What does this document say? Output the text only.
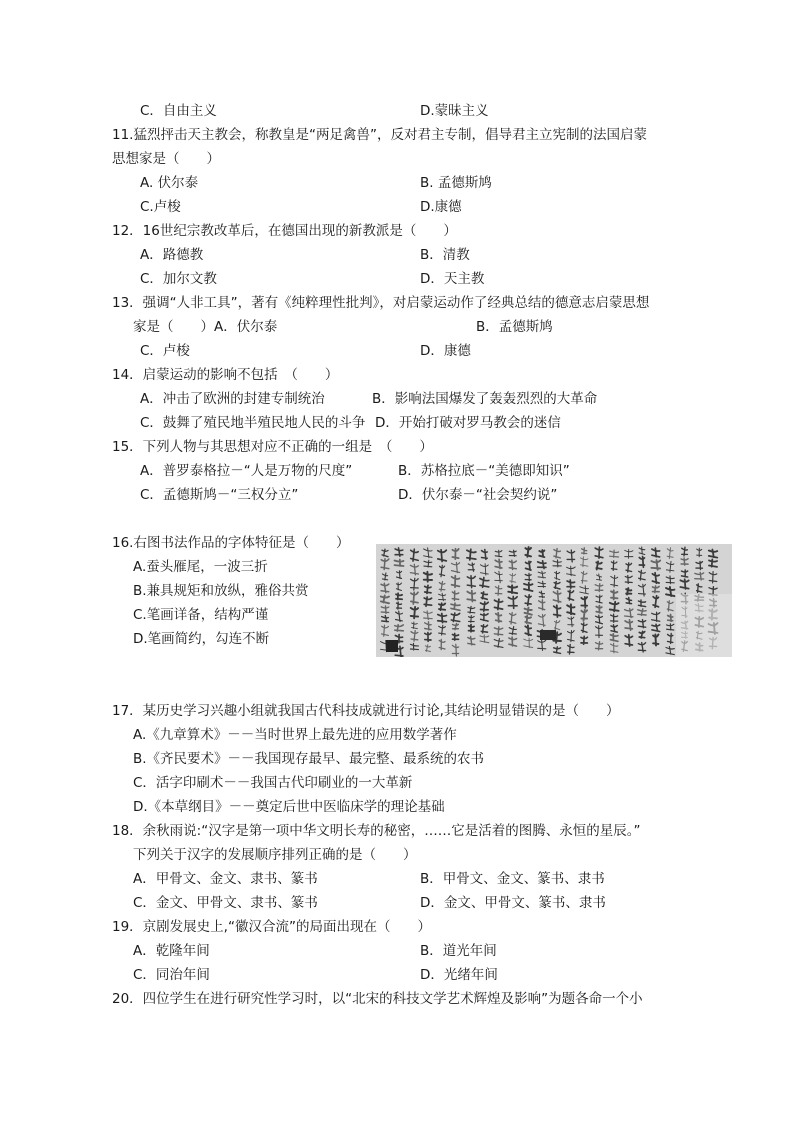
C．自由主义	D.蒙昧主义
11.猛烈抨击天主教会，称教皇是“两足禽兽”，反对君主专制，倡导君主立宪制的法国启蒙
思想家是（　　）
A. 伏尔泰	B. 孟德斯鸠
C.卢梭	D.康德
12．16世纪宗教改革后，在德国出现的新教派是（　　）
A．路德教	B．清教
C．加尔文教	D．天主教
13．强调“人非工具”，著有《纯粹理性批判》，对启蒙运动作了经典总结的德意志启蒙思想
家是（　　）A．伏尔泰	B．孟德斯鸠
C．卢梭	D．康德
14．启蒙运动的影响不包括　（　　）
A．冲击了欧洲的封建专制统治	B．影响法国爆发了轰轰烈烈的大革命
C．鼓舞了殖民地半殖民地人民的斗争 D．开始打破对罗马教会的迷信
15．下列人物与其思想对应不正确的一组是　（　　）
A．普罗泰格拉－“人是万物的尺度”	B．苏格拉底－“美德即知识”
C．孟德斯鸠－“三权分立”	D．伏尔泰－“社会契约说”
16.右图书法作品的字体特征是（　　）
A.蚕头雁尾，一波三折
B.兼具规矩和放纵，雅俗共赏
C.笔画详备，结构严谨
D.笔画简约，勾连不断
17．某历史学习兴趣小组就我国古代科技成就进行讨论,其结论明显错误的是（　　）
A.《九章算术》－－当时世界上最先进的应用数学著作
B.《齐民要术》－－我国现存最早、最完整、最系统的农书
C．活字印刷术－－我国古代印刷业的一大革新
D.《本草纲目》－－奠定后世中医临床学的理论基础
18．余秋雨说:“汉字是第一项中华文明长寿的秘密，……它是活着的图腾、永恒的星辰。”
下列关于汉字的发展顺序排列正确的是（　　）
A．甲骨文、金文、隶书、篆书	B．甲骨文、金文、篆书、隶书
C．金文、甲骨文、隶书、篆书	D．金文、甲骨文、篆书、隶书
19．京剧发展史上,“徽汉合流”的局面出现在（　　）
A．乾隆年间	B．道光年间
C．同治年间	D．光绪年间
20．四位学生在进行研究性学习时，以“北宋的科技文学艺术辉煌及影响”为题各命一个小
